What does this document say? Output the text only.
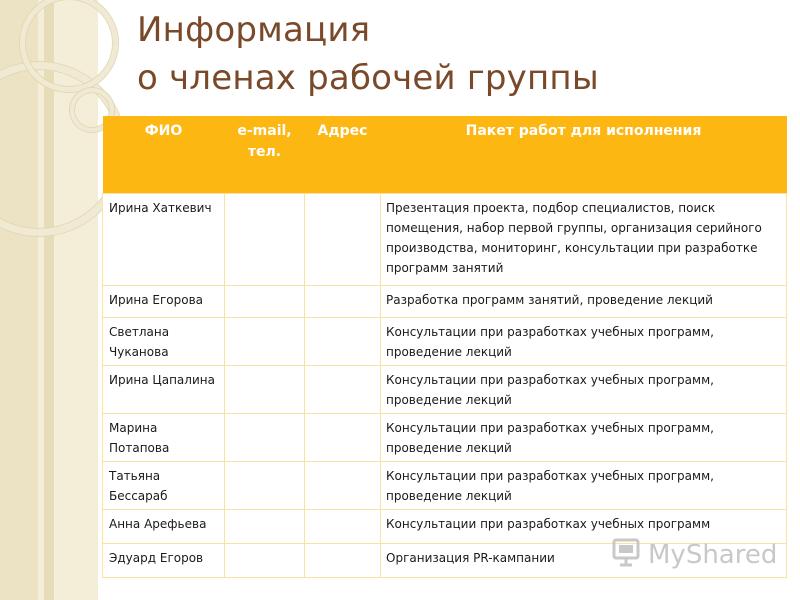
Информация
о членах рабочей группы
ФИО	e-mail, тел.	Адрес	Пакет работ для исполнения
Ирина Хаткевич			Презентация проекта, подбор специалистов, поиск помещения, набор первой группы, организация серийного производства, мониторинг, консультации при разработке программ занятий
Ирина Егорова			Разработка программ занятий, проведение лекций
Светлана Чуканова			Консультации при разработках учебных программ, проведение лекций
Ирина Цапалина			Консультации при разработках учебных программ, проведение лекций
Марина Потапова			Консультации при разработках учебных программ, проведение лекций
Татьяна Бессараб			Консультации при разработках учебных программ, проведение лекций
Анна Арефьева			Консультации при разработках учебных программ
Эдуард Егоров			Организация PR-кампании	MyShared
